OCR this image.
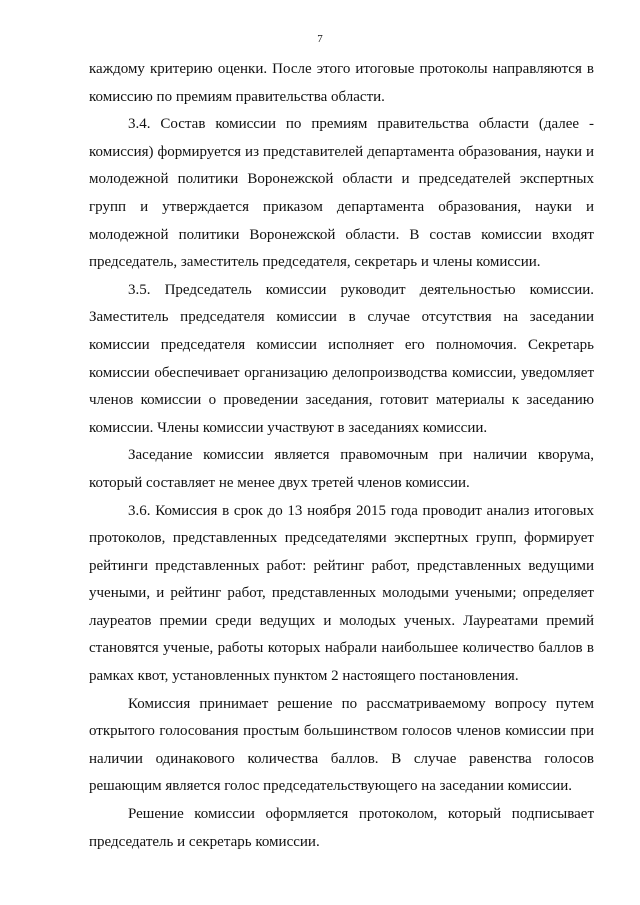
7

каждому критерию оценки. После этого итоговые протоколы направляются в комиссию по премиям правительства области.

3.4. Состав комиссии по премиям правительства области (далее - комиссия) формируется из представителей департамента образования, науки и молодежной политики Воронежской области и председателей экспертных групп и утверждается приказом департамента образования, науки и молодежной политики Воронежской области. В состав комиссии входят председатель, заместитель председателя, секретарь и члены комиссии.

3.5. Председатель комиссии руководит деятельностью комиссии. Заместитель председателя комиссии в случае отсутствия на заседании комиссии председателя комиссии исполняет его полномочия. Секретарь комиссии обеспечивает организацию делопроизводства комиссии, уведомляет членов комиссии о проведении заседания, готовит материалы к заседанию комиссии. Члены комиссии участвуют в заседаниях комиссии.

Заседание комиссии является правомочным при наличии кворума, который составляет не менее двух третей членов комиссии.

3.6. Комиссия в срок до 13 ноября 2015 года проводит анализ итоговых протоколов, представленных председателями экспертных групп, формирует рейтинги представленных работ: рейтинг работ, представленных ведущими учеными, и рейтинг работ, представленных молодыми учеными; определяет лауреатов премии среди ведущих и молодых ученых. Лауреатами премий становятся ученые, работы которых набрали наибольшее количество баллов в рамках квот, установленных пунктом 2 настоящего постановления.

Комиссия принимает решение по рассматриваемому вопросу путем открытого голосования простым большинством голосов членов комиссии при наличии одинакового количества баллов. В случае равенства голосов решающим является голос председательствующего на заседании комиссии.

Решение комиссии оформляется протоколом, который подписывает председатель и секретарь комиссии.
